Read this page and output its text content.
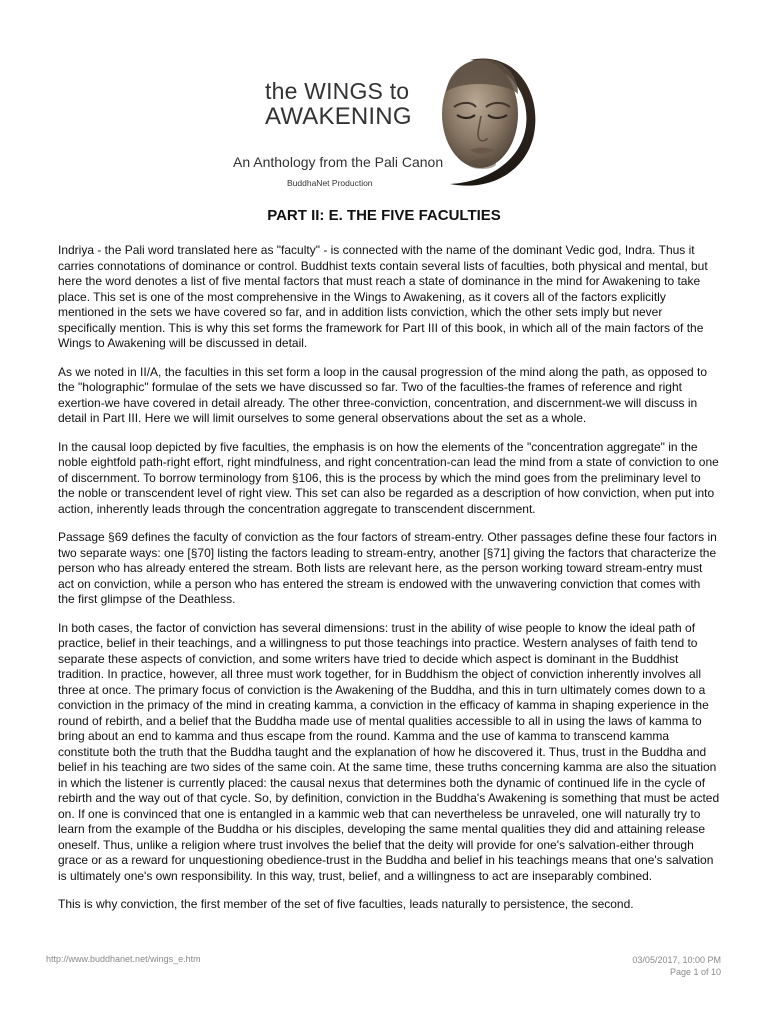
the WINGS to
AWAKENING
An Anthology from the Pali Canon
BuddhaNet Production
PART II: E. THE FIVE FACULTIES

Indriya - the Pali word translated here as "faculty" - is connected with the name of the dominant Vedic god, Indra. Thus it carries connotations of dominance or control. Buddhist texts contain several lists of faculties, both physical and mental, but here the word denotes a list of five mental factors that must reach a state of dominance in the mind for Awakening to take place. This set is one of the most comprehensive in the Wings to Awakening, as it covers all of the factors explicitly mentioned in the sets we have covered so far, and in addition lists conviction, which the other sets imply but never specifically mention. This is why this set forms the framework for Part III of this book, in which all of the main factors of the Wings to Awakening will be discussed in detail.

As we noted in II/A, the faculties in this set form a loop in the causal progression of the mind along the path, as opposed to the "holographic" formulae of the sets we have discussed so far. Two of the faculties-the frames of reference and right exertion-we have covered in detail already. The other three-conviction, concentration, and discernment-we will discuss in detail in Part III. Here we will limit ourselves to some general observations about the set as a whole.

In the causal loop depicted by five faculties, the emphasis is on how the elements of the "concentration aggregate" in the noble eightfold path-right effort, right mindfulness, and right concentration-can lead the mind from a state of conviction to one of discernment. To borrow terminology from §106, this is the process by which the mind goes from the preliminary level to the noble or transcendent level of right view. This set can also be regarded as a description of how conviction, when put into action, inherently leads through the concentration aggregate to transcendent discernment.

Passage §69 defines the faculty of conviction as the four factors of stream-entry. Other passages define these four factors in two separate ways: one [§70] listing the factors leading to stream-entry, another [§71] giving the factors that characterize the person who has already entered the stream. Both lists are relevant here, as the person working toward stream-entry must act on conviction, while a person who has entered the stream is endowed with the unwavering conviction that comes with the first glimpse of the Deathless.

In both cases, the factor of conviction has several dimensions: trust in the ability of wise people to know the ideal path of practice, belief in their teachings, and a willingness to put those teachings into practice. Western analyses of faith tend to separate these aspects of conviction, and some writers have tried to decide which aspect is dominant in the Buddhist tradition. In practice, however, all three must work together, for in Buddhism the object of conviction inherently involves all three at once. The primary focus of conviction is the Awakening of the Buddha, and this in turn ultimately comes down to a conviction in the primacy of the mind in creating kamma, a conviction in the efficacy of kamma in shaping experience in the round of rebirth, and a belief that the Buddha made use of mental qualities accessible to all in using the laws of kamma to bring about an end to kamma and thus escape from the round. Kamma and the use of kamma to transcend kamma constitute both the truth that the Buddha taught and the explanation of how he discovered it. Thus, trust in the Buddha and belief in his teaching are two sides of the same coin. At the same time, these truths concerning kamma are also the situation in which the listener is currently placed: the causal nexus that determines both the dynamic of continued life in the cycle of rebirth and the way out of that cycle. So, by definition, conviction in the Buddha's Awakening is something that must be acted on. If one is convinced that one is entangled in a kammic web that can nevertheless be unraveled, one will naturally try to learn from the example of the Buddha or his disciples, developing the same mental qualities they did and attaining release oneself. Thus, unlike a religion where trust involves the belief that the deity will provide for one's salvation-either through grace or as a reward for unquestioning obedience-trust in the Buddha and belief in his teachings means that one's salvation is ultimately one's own responsibility. In this way, trust, belief, and a willingness to act are inseparably combined.

This is why conviction, the first member of the set of five faculties, leads naturally to persistence, the second.

http://www.buddhanet.net/wings_e.htm	03/05/2017, 10:00 PM
Page 1 of 10
